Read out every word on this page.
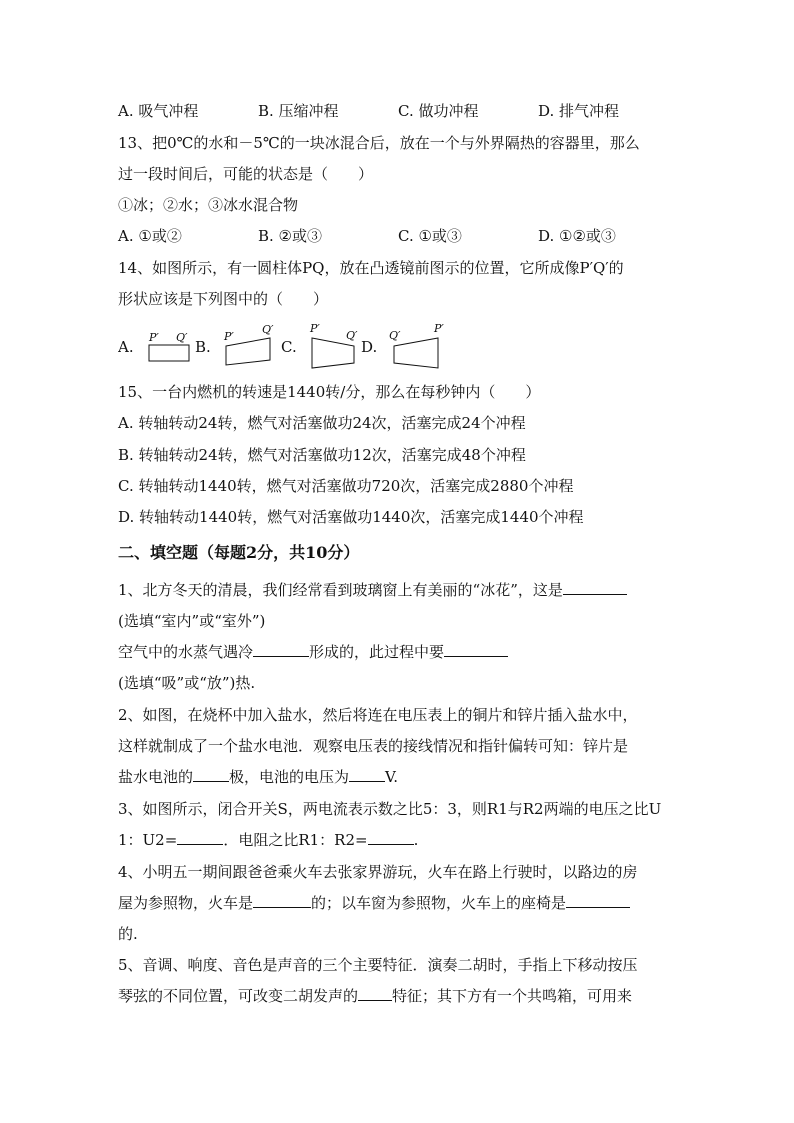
A. 吸气冲程	B. 压缩冲程	C. 做功冲程	D. 排气冲程
13、把0℃的水和－5℃的一块冰混合后，放在一个与外界隔热的容器里，那么
过一段时间后，可能的状态是（　　）
①冰；②水；③冰水混合物
A. ①或②	B. ②或③	C. ①或③	D. ①②或③
14、如图所示，有一圆柱体PQ，放在凸透镜前图示的位置，它所成像P′Q′的
形状应该是下列图中的（　　）
A.	B.	C.	D.
P′ Q′	P′
Q′	P′
Q′	Q′
P′
15、一台内燃机的转速是1440转/分，那么在每秒钟内（　　）
A. 转轴转动24转，燃气对活塞做功24次，活塞完成24个冲程
B. 转轴转动24转，燃气对活塞做功12次，活塞完成48个冲程
C. 转轴转动1440转，燃气对活塞做功720次，活塞完成2880个冲程
D. 转轴转动1440转，燃气对活塞做功1440次，活塞完成1440个冲程
二、填空题（每题2分，共10分）
1、北方冬天的清晨，我们经常看到玻璃窗上有美丽的“冰花”，这是
(选填“室内”或“室外”)
空气中的水蒸气遇冷	形成的，此过程中要
(选填“吸”或“放”)热.
2、如图，在烧杯中加入盐水，然后将连在电压表上的铜片和锌片插入盐水中，
这样就制成了一个盐水电池．观察电压表的接线情况和指针偏转可知：锌片是
盐水电池的 极，电池的电压为 V.
3、如图所示，闭合开关S，两电流表示数之比5：3，则R1与R2两端的电压之比U
1：U2=	．电阻之比R1：R2=	.
4、小明五一期间跟爸爸乘火车去张家界游玩，火车在路上行驶时，以路边的房
屋为参照物，火车是	的；以车窗为参照物，火车上的座椅是
的.
5、音调、响度、音色是声音的三个主要特征．演奏二胡时，手指上下移动按压
琴弦的不同位置，可改变二胡发声的 特征；其下方有一个共鸣箱，可用来
